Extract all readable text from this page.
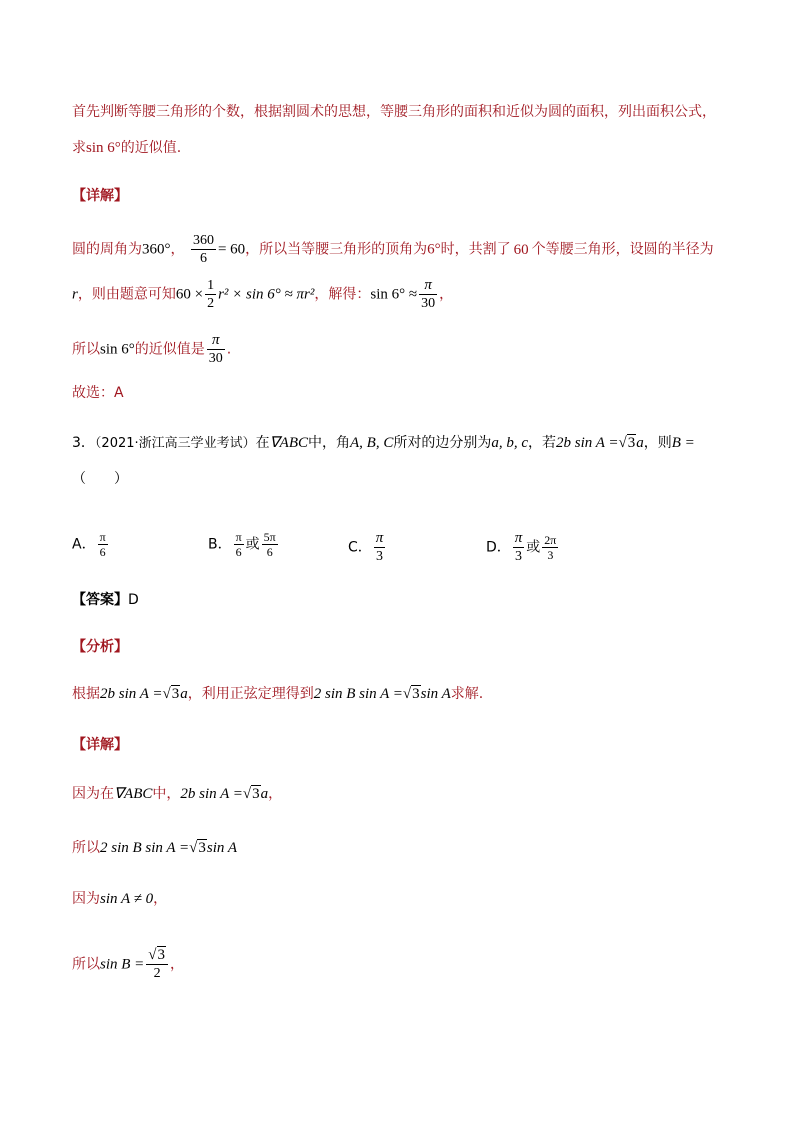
首先判断等腰三角形的个数，根据割圆术的思想，等腰三角形的面积和近似为圆的面积，列出面积公式，
求sin 6°的近似值.
【详解】
圆的周角为360°， $\frac{360}{6} = 60$，所以当等腰三角形的顶角为6°时，共割了 60 个等腰三角形，设圆的半径为
r，则由题意可知$60 \times \frac{1}{2} r^2 \times \sin 6^\circ \approx \pi r^2$，解得：$\sin 6^\circ \approx \frac{\pi}{30}$ ，
所以sin 6°的近似值是 $\frac{\pi}{30}$ .
故选：A
3．（2021·浙江高三学业考试）在∇ABC中，角A, B, C所对的边分别为a, b, c，若2b sin A =√3a，则B =
（　　）
A． $\frac{\pi}{6}$	B． $\frac{\pi}{6}$ 或 $\frac{5\pi}{6}$	C． $\frac{\pi}{3}$	D． $\frac{\pi}{3}$ 或 $\frac{2\pi}{3}$
【答案】D
【分析】
根据2b sin A =√3a，利用正弦定理得到2 sin B sin A =√3sin A求解.
【详解】
因为在∇ABC中，2b sin A =√3a，
所以2 sin B sin A =√3sin A
因为sin A ≠ 0，
所以$\sin B = \frac{√3}{2}$ ，
